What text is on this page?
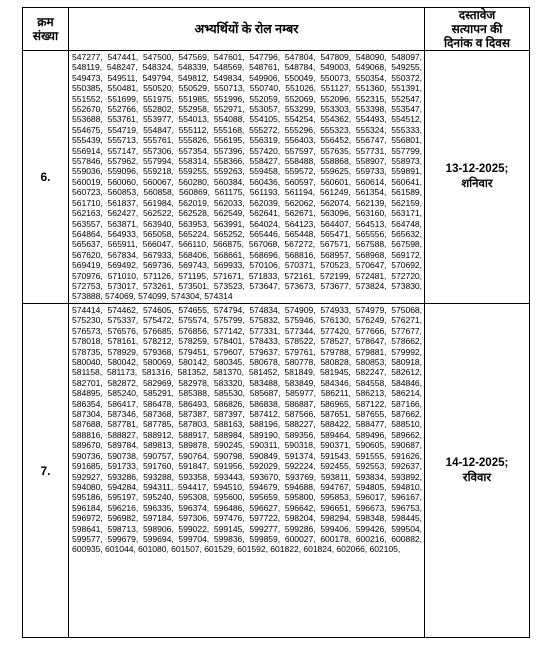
क्रम
संख्या	अभ्यर्थियों के रोल नम्बर	दस्तावेज
सत्यापन की
दिनांक व दिवस
6.	547277, 547441, 547500, 547569, 547601, 547796, 547804, 547809, 548090, 548097, 548119, 548247, 548324, 548339, 548569, 548761, 548784, 549003, 549068, 549255, 549473, 549511, 549794, 549812, 549834, 549906, 550049, 550073, 550354, 550372, 550385, 550481, 550520, 550529, 550713, 550740, 551026, 551127, 551360, 551391, 551552, 551699, 551975, 551985, 551996, 552059, 552069, 552096, 552315, 552547, 552670, 552766, 552802, 552958, 552971, 553057, 553299, 553303, 553398, 553547, 553688, 553761, 553977, 554013, 554088, 554105, 554254, 554362, 554493, 554512, 554675, 554719, 554847, 555112, 555168, 555272, 555296, 555323, 555324, 555333, 555439, 555713, 555761, 555826, 556195, 556319, 556403, 556452, 556747, 556801, 556914, 557147, 557306, 557354, 557396, 557420, 557597, 557635, 557731, 557799, 557846, 557962, 557994, 558314, 558366, 558427, 558488, 558868, 558907, 558973, 559036, 559096, 559218, 559255, 559263, 559458, 559572, 559625, 559733, 559891, 560019, 560060, 560067, 560280, 560384, 560436, 560597, 560601, 560614, 560641, 560723, 560853, 560858, 560869, 561175, 561193, 561194, 561249, 561354, 561589, 561710, 561837, 561984, 562019, 562033, 562039, 562062, 562074, 562139, 562159, 562163, 562427, 562522, 562528, 562549, 562641, 562671, 563096, 563160, 563171, 563557, 563871, 563940, 563953, 563991, 564024, 564123, 564407, 564513, 564748, 564864, 564933, 565058, 565224, 565252, 565446, 565448, 565471, 565556, 565632, 565637, 565911, 566047, 566110, 566875, 567068, 567272, 567571, 567588, 567598, 567620, 567834, 567933, 568406, 568661, 568696, 568816, 568957, 568968, 569172, 569419, 569492, 569736, 569743, 569933, 570106, 570371, 570523, 570647, 570692, 570976, 571010, 571126, 571195, 571671, 571833, 572161, 572199, 572481, 572720, 572753, 573017, 573261, 573501, 573523, 573647, 573673, 573677, 573824, 573830, 573888, 574069, 574099, 574304, 574314	13-12-2025;
शनिवार
7.	574414, 574462, 574605, 574655, 574794, 574834, 574909, 574933, 574979, 575068, 575230, 575337, 575472, 575574, 575799, 575832, 575946, 576130, 576249, 576271, 576573, 576576, 576685, 576856, 577142, 577331, 577344, 577420, 577666, 577677, 578018, 578161, 578212, 578259, 578401, 578433, 578522, 578527, 578647, 578662, 578735, 578929, 579368, 579451, 579607, 579637, 579761, 579788, 579881, 579992, 580040, 580042, 580069, 580142, 580345, 580678, 580778, 580828, 580853, 580918, 581158, 581173, 581316, 581352, 581370, 581452, 581849, 581945, 582247, 582612, 582701, 582872, 582969, 582978, 583320, 583488, 583849, 584346, 584558, 584846, 584895, 585240, 585291, 585388, 585530, 585687, 585977, 586211, 586213, 586214, 586354, 586417, 586478, 586493, 586826, 586838, 586887, 586965, 587122, 587166, 587304, 587346, 587368, 587387, 587397, 587412, 587566, 587651, 587655, 587662, 587688, 587781, 587785, 587803, 588163, 588196, 588227, 588422, 588477, 588510, 588816, 588827, 588912, 588917, 588984, 589190, 589356, 589464, 589496, 589662, 589670, 589784, 589813, 589878, 590245, 590311, 590318, 590371, 590605, 590687, 590736, 590738, 590757, 590764, 590798, 590849, 591374, 591543, 591555, 591626, 591685, 591733, 591760, 591847, 591956, 592029, 592224, 592455, 592553, 592637, 592927, 593286, 593288, 593358, 593443, 593670, 593769, 593811, 593834, 593892, 594080, 594284, 594311, 594417, 594510, 594679, 594688, 594767, 594805, 594810, 595186, 595197, 595240, 595308, 595600, 595659, 595800, 595853, 596017, 596167, 596184, 596216, 596335, 596374, 596486, 596627, 596642, 596651, 596673, 596753, 596972, 596982, 597184, 597306, 597476, 597722, 598204, 598294, 598348, 598445, 598641, 598713, 598906, 599022, 599145, 599277, 599286, 599406, 599426, 599504, 599577, 599679, 599694, 599704, 599836, 599859, 600027, 600178, 600216, 600882, 600935, 601044, 601080, 601507, 601529, 601592, 601822, 601824, 602066, 602105,	14-12-2025;
रविवार
